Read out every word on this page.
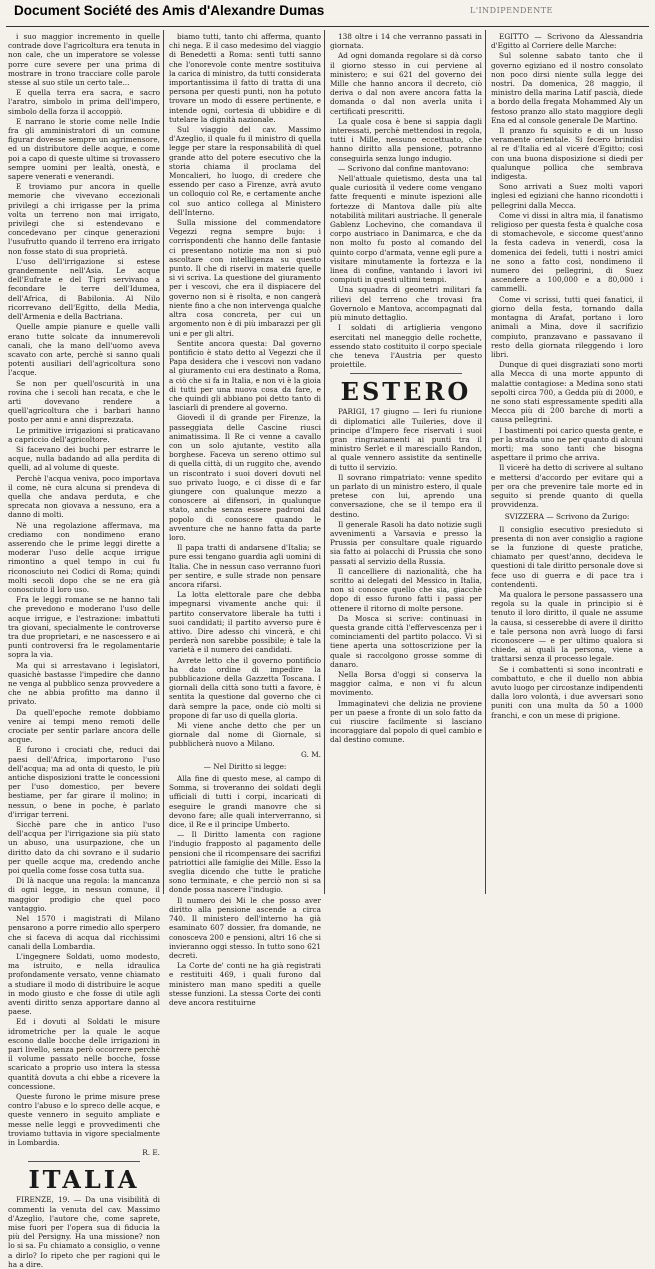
Document Société des Amis d'Alexandre Dumas	L'INDIPENDENTE

i suo maggior incremento in quelle contrade dove l'agricoltura era tenuta in non cale, che un imperatore se volesse porre cure severe per una prima di mostrare in trono tracciare colle parole stesse al suo stile un certo tale...

E quella terra era sacra, e sacro l'aratro, simbolo in prima dell'impero, simbolo della forza il accoppiò.

E narrano le storie come nelle Indie fra gli amministratori di un comune figurar dovesse sempre un agrimensore, ed un distributore delle acque, e come poi a capo di queste ultime si trovassero sempre uomini per lealtà, onestà, e sapere venerati e venerandi.

E troviamo pur ancora in quelle memorie che vivevano eccezionali privilegi a chi irrigasse per la prima volta un terreno non mai irrigato, privilegi che si estendevano e concedevano per cinque generazioni l'usufrutto quando il terreno era irrigato non fosse stato di sua proprietà.

L'uso dell'irrigazione si estese grandemente nell'Asia. Le acque dell'Eufrate e del Tigri servivano a fecondare le terre dell'Idumea, dell'Africa, di Babilonia. Al Nilo ricorrevano dell'Egitto, della Media, dell'Armenia e della Bactriana.

Quelle ampie pianure e quelle valli erano tutte solcate da innumerevoli canali, che la mano dell'uomo aveva scavato con arte, perchè si sanno quali potenti ausiliari dell'agricoltura sono l'acque.

Se non per quell'oscurità in una rovina che i secoli han recata, e che le arti dovevano rendere a quell'agricoltura che i barbari hanno posto per anni e anni disprezzata.

Le primitive irrigazioni si praticavano a capriccio dell'agricoltore.

Si facevano dei buchi per estrarre le acque, nulla badando ad alla perdita di quelli, ad al volume di queste.

Perchè l'acqua veniva, poco importava il come, nè cura alcuna si prendeva di quella che andava perduta, e che sprecata non giovava a nessuno, era a danno di molti.

Nè una regolazione affermava, ma crediamo con nondimeno erano asserendo che le prime leggi dirette a moderar l'uso delle acque irrigue rimontino a quel tempo in cui fu riconosciuto nei Codici di Roma; quindi molti secoli dopo che se ne era già conosciuto il loro uso.

Fra le leggi romane se ne hanno tali che prevedono e moderano l'uso delle acque irrigue, e l'estrazione: imbattuti tra giovani, specialmente le controverse tra due proprietari, e ne nascessero e ai punti controversi fra le regolamentarie sopra la via.

Ma qui si arrestavano i legislatori, quasichè bastasse l'impedire che danno ne venga al pubblico senza provvedere a che ne abbia profitto ma danno il privato.

Da quell'epoche remote dobbiamo venire ai tempi meno remoti delle crociate per sentir parlare ancora delle acque.

E furono i crociati che, reduci dai paesi dell'Africa, importarono l'uso dell'acqua; ma ad onta di questo, le più antiche disposizioni tratte le concessioni per l'uso domestico, per bevere bestiame, per far girare il molino; in nessun, o bene in poche, è parlato d'irrigar terreni.

Sicchè pare che in antico l'uso dell'acqua per l'irrigazione sia più stato un abuso, una usurpazione, che un diritto dato da chi sovrano e il sudario per quelle acque ma, credendo anche poi quella come fosse cosa tutta sua.

Di là nacque una regola: la mancanza di ogni legge, in nessun comune, il maggior prodigio che quel poco vantaggio.

Nel 1570 i magistrati di Milano pensarono a porre rimedio allo sperpero che si faceva di acqua dal ricchissimi canali della Lombardia.

L'ingegnere Soldati, uomo modesto, ma istruito, e nella idraulica profondamente versato, venne chiamato a studiare il modo di distribuire le acque in modo giusto e che fosse di utile agli aventi diritto senza apportare danno al paese.

Ed i dovuti al Soldati le misure idrometriche per la quale le acque escono dalle bocche delle irrigazioni in pari livello, senza però occorrere perchè il volume passato nelle bocche, fosse scaricato a proprio uso intera la stessa quantità dovuta a chi ebbe a ricevere la concessione.

Queste furono le prime misure prese contro l'abuso e lo spreco delle acque, e queste vennero in seguito ampliate e messe nelle leggi e provvedimenti che troviamo tuttavia in vigore specialmente in Lombardia.

R. E.

ITALIA

FIRENZE, 19. — Da una visibilità di commenti la venuta del cav. Massimo d'Azeglio, l'autore che, come saprete, mise fuori per l'opera sua di fiducia la più del Persigny. Ha una missione? non lo si sa. Fu chiamato a consiglio, o venne a dirlo? Io ripeto che per ragioni qui le ha a dire.

biamo tutti, tanto chi afferma, quanto chi nega. E il caso medesimo del viaggio di Benedetti a Roma: sentì tutti sanno che l'onorevole conte mentre sostituiva la carica di ministro, da tutti considerata importantissima il fatto di tratta di una persona per questi punti, non ha potuto trovare un modo di essere pertinente, e intende ogni, cortesia di ubbidire e di tutelare la dignità nazionale.

Sul viaggio del cav. Massimo d'Azeglio, il quale fu il ministro di quella legge per stare la responsabilità di quel grande atto del potere esecutivo che la storia chiama il proclama del Moncalieri, ho luogo, di credere che essendo per caso a Firenze, avrà avuto un colloquio col Re, e certamente anche col suo antico collega al Ministero dell'Interno.

Sulla missione del commendatore Vegezzi regna sempre bujo: i corrispondenti che hanno delle fantasie ci presentano notizie ma non si può ascoltare con intelligenza su questo punto. Il che di riservi in materie quelle si vi scriva. La questione del giuramento per i vescovi, che era il dispiacere del governo non si è risolta, e non cangerà niente fino a che non intervenga qualche altra cosa concreta, per cui un argomento non è di più imbarazzi per gli uni e per gli altri.

Sentite ancora questa: Dal governo pontificio è stato detto al Vegezzi che il Papa desidera che i vescovi non vadano al giuramento cui era destinato a Roma, a ciò che si fa in Italia, e non vi è la gioia di tutti per una nuova cosa da fare, e che quindi gli abbiano poi detto tanto di lasciarli di prendere al governo.

Giovedì il di grande per Firenze, la passeggiata delle Cascine riusci animatissima. Il Re ci venne a cavallo con un solo ajutante, vestito alla borghese. Faceva un sereno ottimo sul di quella città, di un ruggito che, avendo un riscontrato i suoi doveri dovuti nel suo privato luogo, e ci disse di e far giungere con qualunque mezzo a conoscere ai difensori, in qualunque stato, anche senza essere padroni dal popolo di conoscere quando le avventure che ne hanno fatta da parte loro.

Il papa tratti di andarsene d'Italia; se pure essi tengano guardia agli uomini di Italia. Che in nessun caso verranno fuori per sentire, e sulle strade non pensare ancora rifarsi.

La lotta elettorale pare che debba impegnarsi vivamente anche qui: il partito conservatore liberale ha tutti i suoi candidati; il partito avverso pure è attivo. Dire adesso chi vincerà, e chi perderà non sarebbe possibile; è tale la varietà e il numero dei candidati.

Avrete letto che il governo pontificio ha dato ordine di impedire la pubblicazione della Gazzetta Toscana. I giornali della città sono tutti a favore, è sentita la questione dal governo che ci darà sempre la pace, onde ciò molti si propone di far uso di quella gloria.

Mi viene anche detto che per un giornale dal nome di Giornale, si pubblicherà nuovo a Milano.

G. M.

— Nel Diritto si legge:

Alla fine di questo mese, al campo di Somma, si troveranno dei soldati degli ufficiali di tutti i corpi, incaricati di eseguire le grandi manovre che si devono fare; alle quali interverranno, si dice, il Re e il principe Umberto.

— Il Diritto lamenta con ragione l'indugio frapposto al pagamento delle pensioni che il ricompensare dei sacrifizi patriottici alle famiglie dei Mille. Esso la sveglia dicendo che tutte le pratiche sono terminate, e che perciò non si sa donde possa nascere l'indugio.

Il numero dei Mi le che posso aver diritto alla pensione ascende a circa 740. Il ministero dell'interno ha già esaminato 607 dossier, fra domande, ne conosceva 200 e pensioni, altri 16 che si invieranno oggi stesso. In tutto sono 621 decreti.

La Corte de' conti ne ha già registrati e restituiti 469, i quali furono dal ministero man mano spediti a quelle stesse funzioni. La stessa Corte dei conti deve ancora restituirne

138 oltre i 14 che verranno passati in giornata.

Ad ogni domanda regolare si dà corso il giorno stesso in cui perviene al ministero; e sui 621 del governo dei Mille che hanno ancora il decreto, ciò deriva o dal non avere ancora fatta la domanda o dal non averla unita i certificati prescritti.

La quale cosa è bene si sappia dagli interessati, perchè mettendosi in regola, tutti i Mille, nessuno eccettuato, che hanno diritto alla pensione, potranno conseguirla senza lungo indugio.

— Scrivono dal confine mantovano:

Nell'attuale quietismo, desta una tal quale curiosità il vedere come vengano fatte frequenti e minute ispezioni alle fortezze di Mantova dalle più alte notabilità militari austriache. Il generale Gablenz Lochevino, che comandava il corpo austriaco in Danimarca, e che da non molto fu posto al comando del quinto corpo d'armata, venne egli pure a visitare minutamente la fortezza e la linea di confine, vantando i lavori ivi compiuti in questi ultimi tempi.

Una squadra di geometri militari fa rilievi del terreno che trovasi fra Governolo e Mantova, accompagnati dal più minuto dettaglio.

I soldati di artiglieria vengono esercitati nel maneggio delle rochette, essendo stato costituito il corpo speciale che teneva l'Austria per questo proiettile.

ESTERO

PARIGI, 17 giugno — Ieri fu riunione di diplomatici alle Tuileries, dove il principe d'Impero fece riservati i suoi gran ringraziamenti ai punti tra il ministro Serlet e il maresciallo Randon, al quale vennero assistite da sentinelle di tutto il servizio.

Il sovrano rimpatriato: venne spedito un parlato di un ministro estero, il quale pretese con lui, aprendo una conversazione, che se il tempo era il destino.

Il generale Rasoli ha dato notizie sugli avvenimenti a Varsavia e presso la Prussia per consultare quale riguardo sia fatto ai polacchi di Prussia che sono passati al servizio della Russia.

Il cancelliere di nazionalità, che ha scritto ai delegati del Messico in Italia, non si conosce quello che sia, giacchè dopo di esso furono fatti i passi per ottenere il ritorno di molte persone.

Da Mosca si scrive: continuasi in questa grande città l'effervescenza per i cominciamenti del partito polacco. Vi si tiene aperta una sottoscrizione per la quale si raccolgono grosse somme di danaro.

Nella Borsa d'oggi si conserva la maggior calma, e non vi fu alcun movimento.

Immaginatevi che delizia ne proviene per un paese a fronte di un solo fatto da cui riuscire facilmente si lasciano incoraggiare dal popolo di quel cambio e dal destino comune.

EGITTO — Scrivono da Alessandria d'Egitto al Corriere delle Marche:

Sul solenne sabato tanto che il governo egiziano ed il nostro consolato non poco dirsi niente sulla legge dei nostri. Da domenica, 28 maggio, il ministro della marina Latif pascià, diede a bordo della fregata Mohammed Aly un festoso pranzo allo stato maggiore degli Ena ed al console generale De Martino.

Il pranzo fu squisito e di un lusso veramente orientale. Si fecero brindisi al re d'Italia ed al vicerè d'Egitto; così con una buona disposizione si diedi per qualunque pollica che sembrava indigesta.

Sono arrivati a Suez molti vapori inglesi ed egiziani che hanno ricondotti i pellegrini dalla Mecca.

Come vi dissi in altra mia, il fanatismo religioso per questa festa è qualche cosa di stomachevole, e siccome quest'anno la festa cadeva in venerdì, cosa la domenica dei fedeli, tutti i nostri amici ne sono a fatto così, nondimeno il numero dei pellegrini, di Suez ascendere a 100,000 e a 80,000 i cammelli.

Come vi scrissi, tutti quei fanatici, il giorno della festa, tornando dalla montagna di Arafat, portano i loro animali a Mina, dove il sacrifizio compiuto, pranzavano e passavano il resto della giornata rileggendo i loro libri.

Dunque di quei disgraziati sono morti alla Mecca di una morte appunto di malattie contagiose: a Medina sono stati sepolti circa 700, a Gedda più di 2000, e ne sono stati espressamente spediti alla Mecca più di 200 barche di morti a causa pellegrini.

I bastimenti poi carico questa gente, e per la strada uno ne per quanto di alcuni morti; ma sono tanti che bisogna aspettare il primo che arriva.

Il vicerè ha detto di scrivere al sultano e mettersi d'accordo per evitare qui a per ora che prevenire tale morte ed in seguito si prende quanto di quella provvidenza.

SVIZZERA — Scrivono da Zurigo:

Il consiglio esecutivo presieduto si presenta di non aver consiglio a ragione se la funzione di queste pratiche, chiamato per quest'anno, decideva le questioni di tale diritto personale dove si fece uso di guerra e di pace tra i contendenti.

Ma qualora le persone passassero una regola su la quale in principio si è tenuto il loro diritto, il quale ne assume la causa, si cesserebbe di avere il diritto e tale persona non avrà luogo di farsi riconoscere — e per ultimo qualora si chiede, ai quali la persona, viene a trattarsi senza il processo legale.

Se i combattenti si sono incontrati e combattuto, e che il duello non abbia avuto luogo per circostanze indipendenti dalla loro volontà, i due avversari sono puniti con una multa da 50 a 1000 franchi, e con un mese di prigione.
